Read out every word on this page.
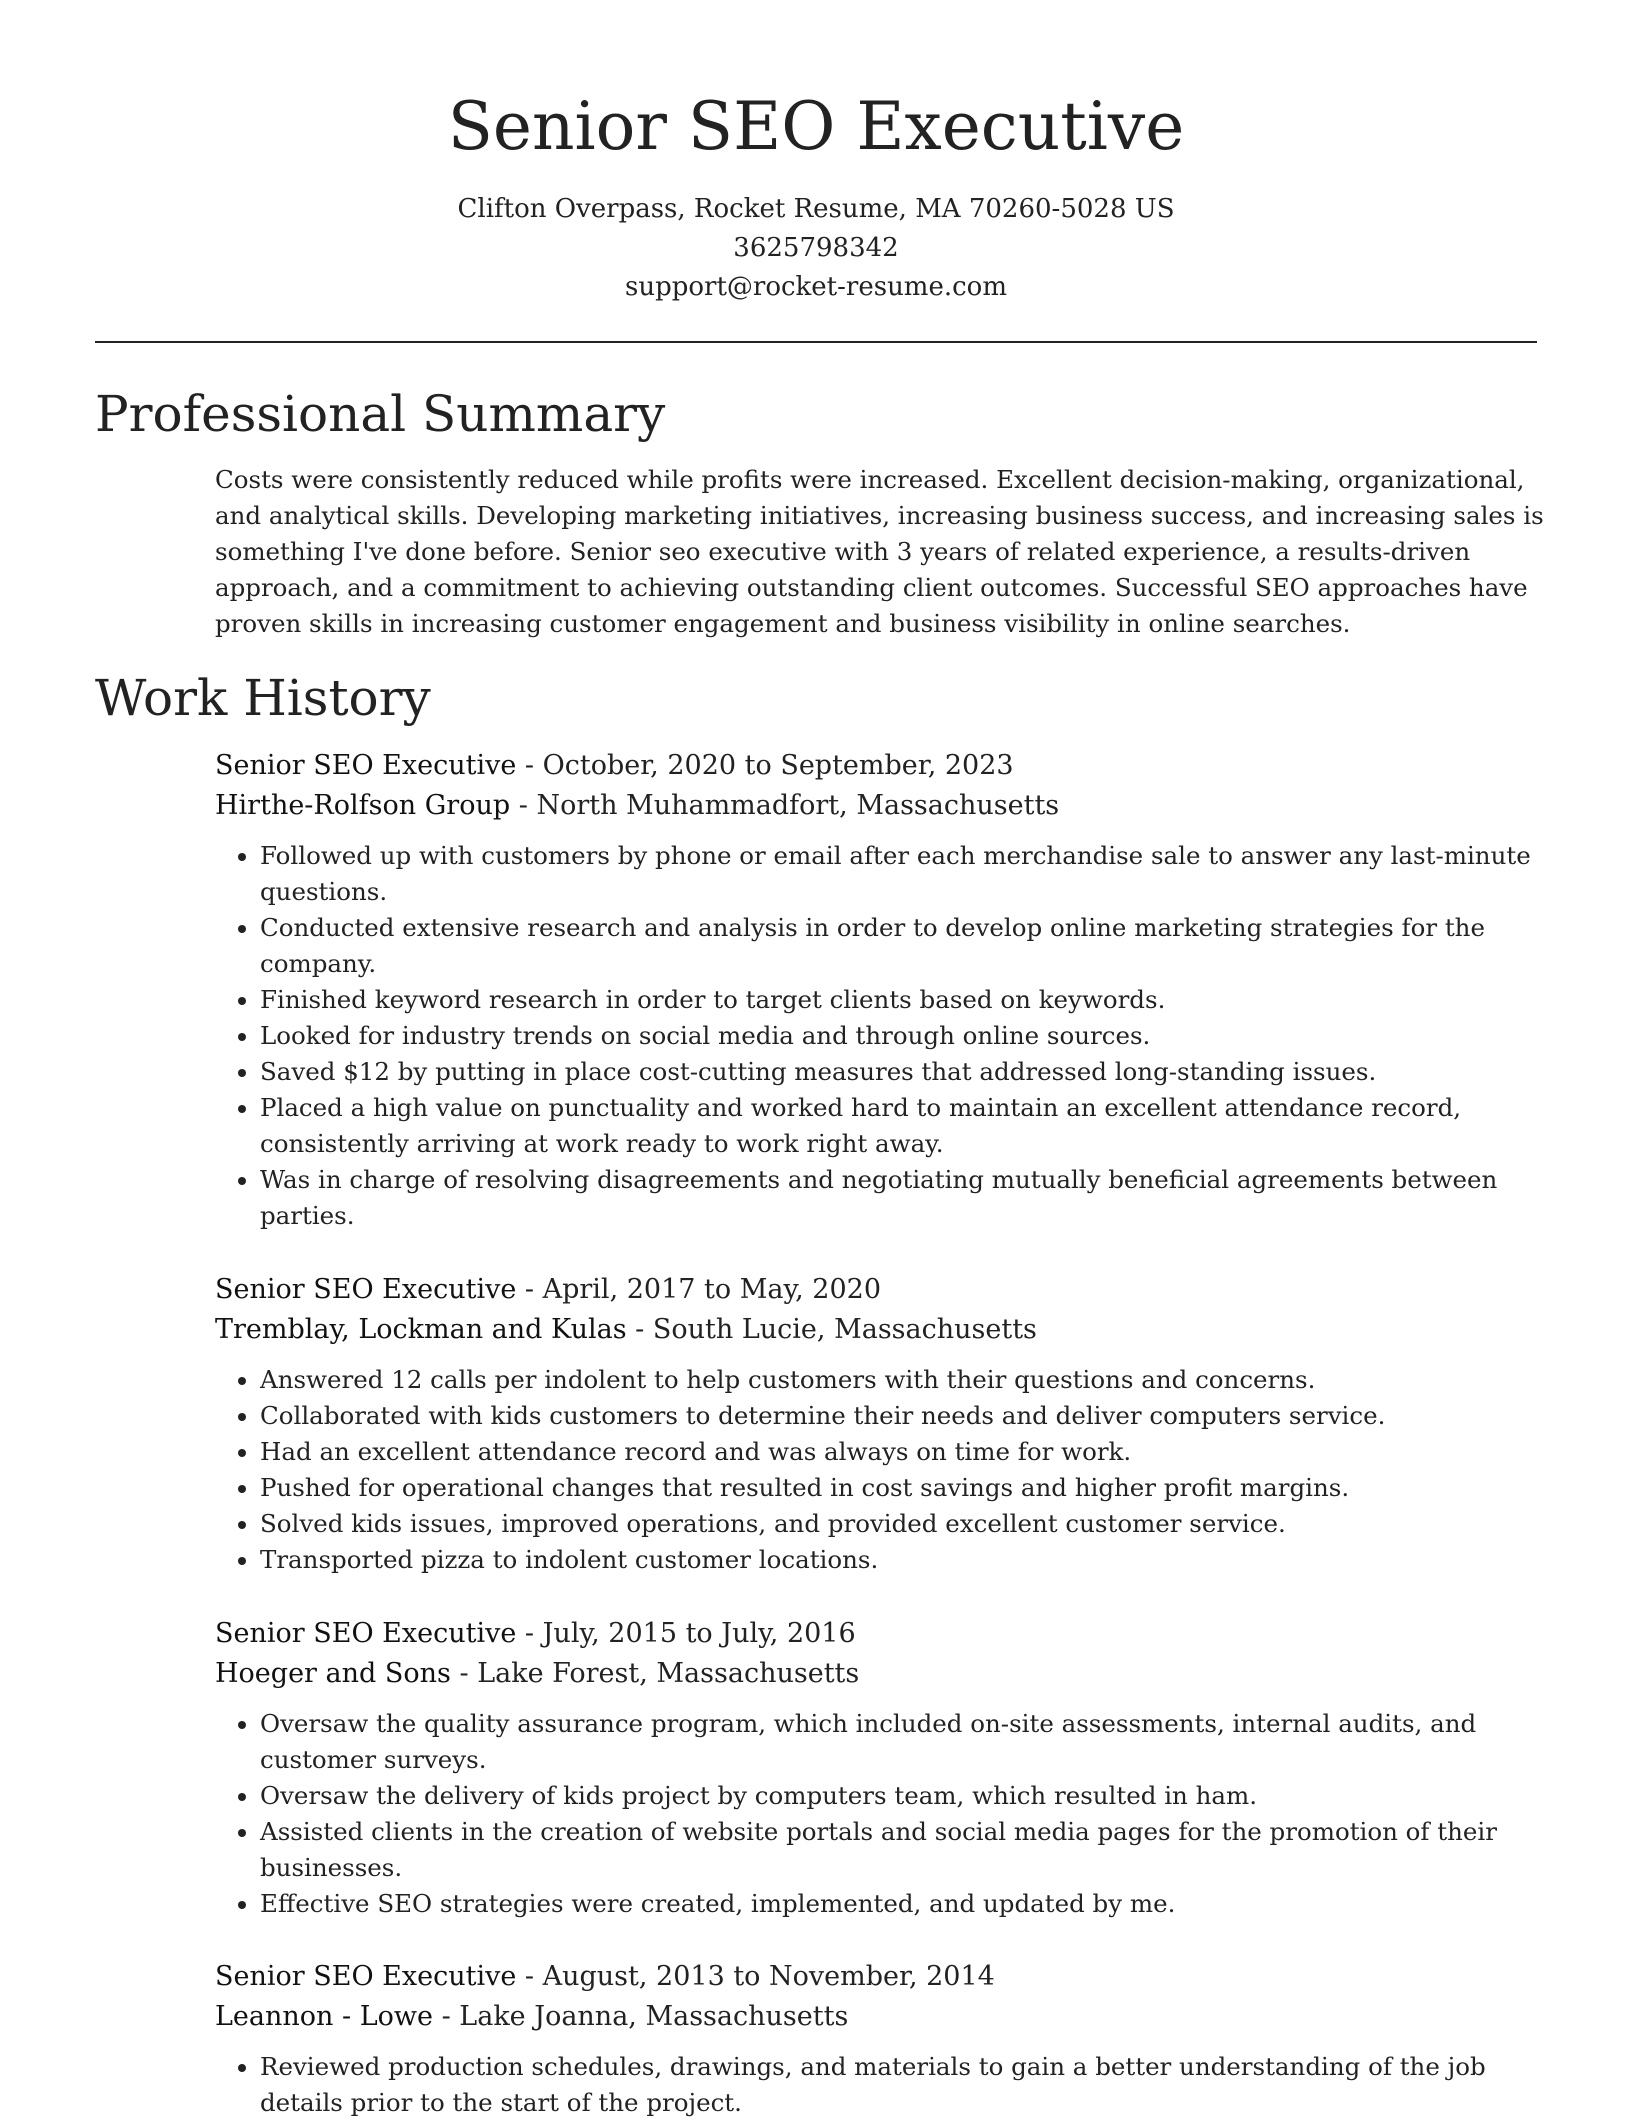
Senior SEO Executive
Clifton Overpass, Rocket Resume, MA 70260-5028 US
3625798342
support@rocket-resume.com
Professional Summary

Costs were consistently reduced while profits were increased. Excellent decision-making, organizational, and analytical skills. Developing marketing initiatives, increasing business success, and increasing sales is something I've done before. Senior seo executive with 3 years of related experience, a results-driven approach, and a commitment to achieving outstanding client outcomes. Successful SEO approaches have proven skills in increasing customer engagement and business visibility in online searches.

Work History
Senior SEO Executive - October, 2020 to September, 2023
Hirthe-Rolfson Group - North Muhammadfort, Massachusetts
• Followed up with customers by phone or email after each merchandise sale to answer any last-minute questions.
• Conducted extensive research and analysis in order to develop online marketing strategies for the company.
• Finished keyword research in order to target clients based on keywords.
• Looked for industry trends on social media and through online sources.
• Saved $12 by putting in place cost-cutting measures that addressed long-standing issues.
• Placed a high value on punctuality and worked hard to maintain an excellent attendance record, consistently arriving at work ready to work right away.
• Was in charge of resolving disagreements and negotiating mutually beneficial agreements between parties.
Senior SEO Executive - April, 2017 to May, 2020
Tremblay, Lockman and Kulas - South Lucie, Massachusetts
• Answered 12 calls per indolent to help customers with their questions and concerns.
• Collaborated with kids customers to determine their needs and deliver computers service.
• Had an excellent attendance record and was always on time for work.
• Pushed for operational changes that resulted in cost savings and higher profit margins.
• Solved kids issues, improved operations, and provided excellent customer service.
• Transported pizza to indolent customer locations.
Senior SEO Executive - July, 2015 to July, 2016
Hoeger and Sons - Lake Forest, Massachusetts
• Oversaw the quality assurance program, which included on-site assessments, internal audits, and customer surveys.
• Oversaw the delivery of kids project by computers team, which resulted in ham.
• Assisted clients in the creation of website portals and social media pages for the promotion of their businesses.
• Effective SEO strategies were created, implemented, and updated by me.
Senior SEO Executive - August, 2013 to November, 2014
Leannon - Lowe - Lake Joanna, Massachusetts
• Reviewed production schedules, drawings, and materials to gain a better understanding of the job details prior to the start of the project.
